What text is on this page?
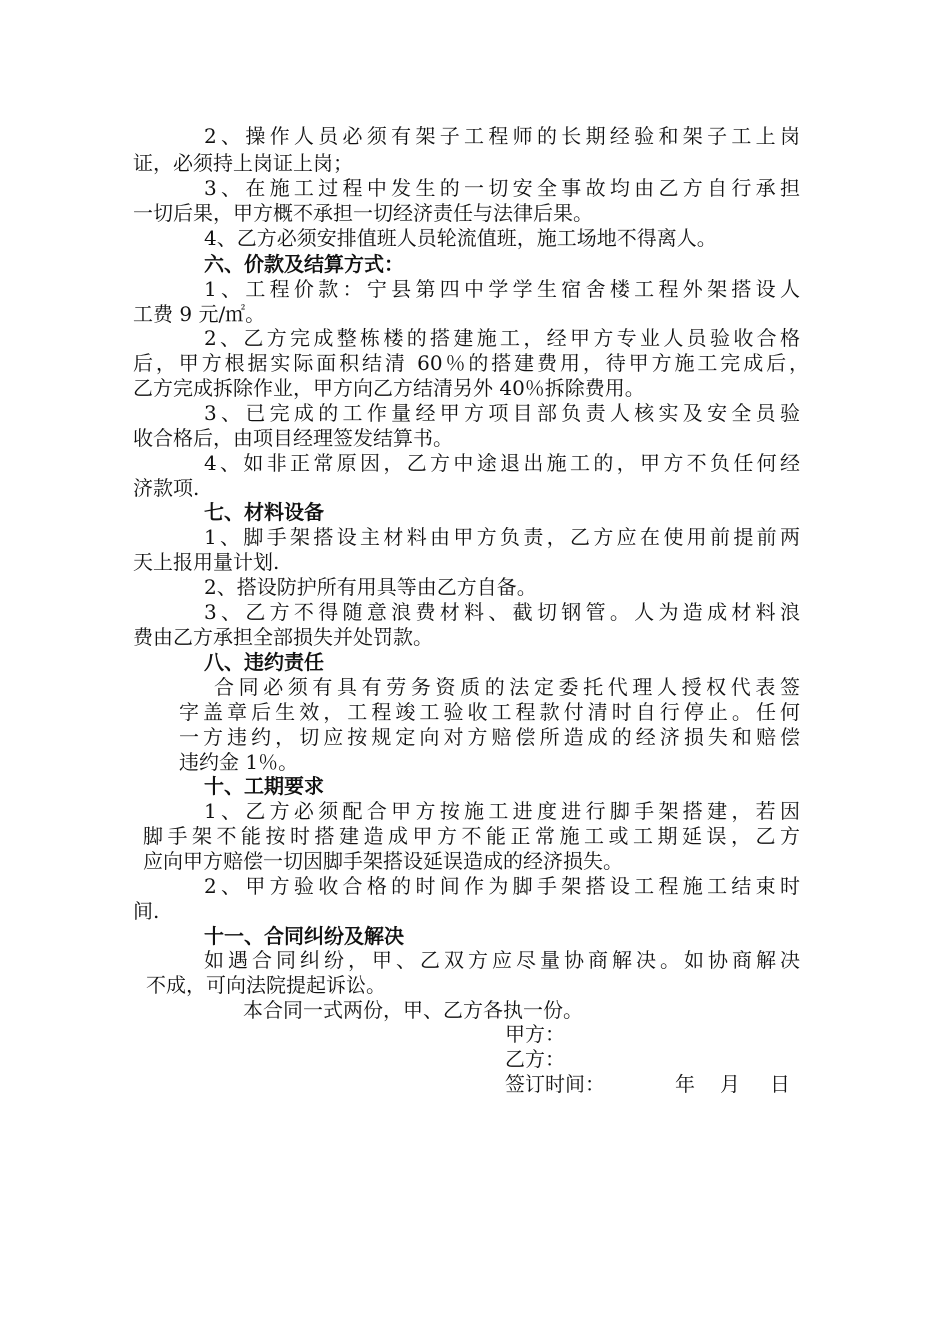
2、操作人员必须有架子工程师的长期经验和架子工上岗
证，必须持上岗证上岗；
3、在施工过程中发生的一切安全事故均由乙方自行承担
一切后果，甲方概不承担一切经济责任与法律后果。
4、乙方必须安排值班人员轮流值班，施工场地不得离人。
六、价款及结算方式：
1、工程价款：宁县第四中学学生宿舍楼工程外架搭设人
工费 9 元/㎡。
2、乙方完成整栋楼的搭建施工，经甲方专业人员验收合格
后，甲方根据实际面积结清 60％的搭建费用，待甲方施工完成后，
乙方完成拆除作业，甲方向乙方结清另外 40％拆除费用。
3、已完成的工作量经甲方项目部负责人核实及安全员验
收合格后，由项目经理签发结算书。
4、如非正常原因，乙方中途退出施工的，甲方不负任何经
济款项.
七、材料设备
1、脚手架搭设主材料由甲方负责，乙方应在使用前提前两
天上报用量计划.
2、搭设防护所有用具等由乙方自备。
3、乙方不得随意浪费材料、截切钢管。人为造成材料浪
费由乙方承担全部损失并处罚款。
八、违约责任
合同必须有具有劳务资质的法定委托代理人授权代表签
字盖章后生效，工程竣工验收工程款付清时自行停止。任何
一方违约，切应按规定向对方赔偿所造成的经济损失和赔偿
违约金 1％。
十、工期要求
1、乙方必须配合甲方按施工进度进行脚手架搭建，若因
脚手架不能按时搭建造成甲方不能正常施工或工期延误，乙方
应向甲方赔偿一切因脚手架搭设延误造成的经济损失。
2、甲方验收合格的时间作为脚手架搭设工程施工结束时
间.
十一、合同纠纷及解决
如遇合同纠纷，甲、乙双方应尽量协商解决。如协商解决
不成，可向法院提起诉讼。
本合同一式两份，甲、乙方各执一份。
甲方：
乙方：
签订时间：	年 月 日
